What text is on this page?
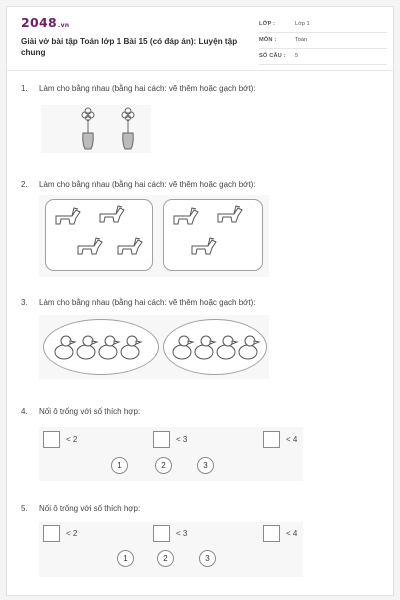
2048.vn
Giải vở bài tập Toán lớp 1 Bài 15 (có đáp án): Luyện tập chung
LỚP :	Lớp 1
MÔN :	Toán
SỐ CÂU : 5
1. Làm cho bằng nhau (bằng hai cách: vẽ thêm hoặc gạch bớt):
2. Làm cho bằng nhau (bằng hai cách: vẽ thêm hoặc gạch bớt):
3. Làm cho bằng nhau (bằng hai cách: vẽ thêm hoặc gạch bớt):
4. Nối ô trống với số thích hợp:
< 2	< 3	< 4
1	2	3
5. Nối ô trống với số thích hợp:
< 2	< 3	< 4
1	2	3
